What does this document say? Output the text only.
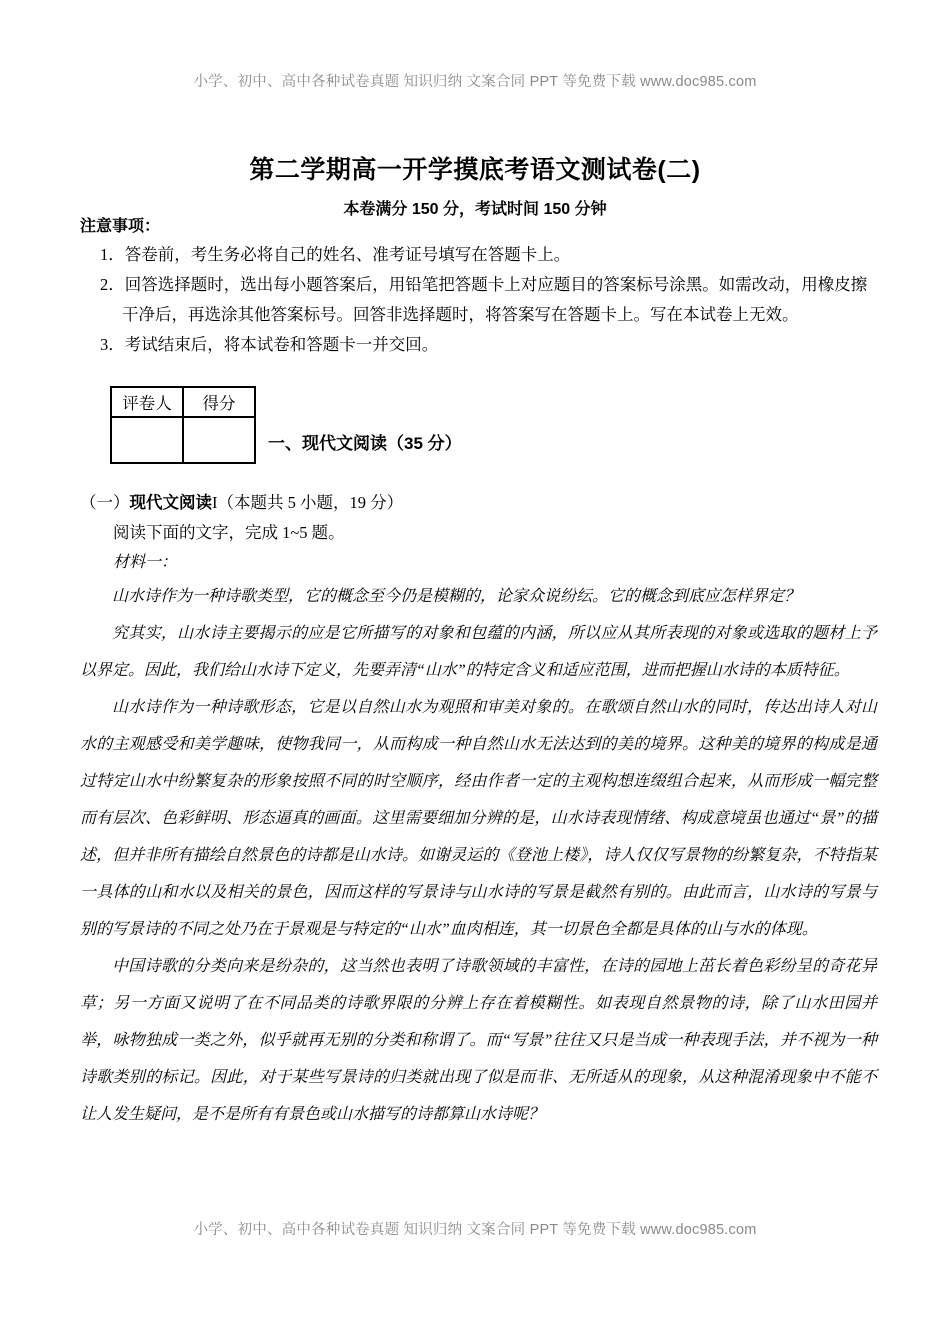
小学、初中、高中各种试卷真题 知识归纳 文案合同 PPT 等免费下载 www.doc985.com
第二学期高一开学摸底考语文测试卷(二)
本卷满分 150 分，考试时间 150 分钟
注意事项：
1．答卷前，考生务必将自己的姓名、准考证号填写在答题卡上。
2．回答选择题时，选出每小题答案后，用铅笔把答题卡上对应题目的答案标号涂黑。如需改动，用橡皮擦干净后，再选涂其他答案标号。回答非选择题时，将答案写在答题卡上。写在本试卷上无效。
3．考试结束后，将本试卷和答题卡一并交回。
评卷人	得分

一、现代文阅读（35 分）
（一）现代文阅读I（本题共 5 小题，19 分）
阅读下面的文字，完成 1~5 题。
材料一：

山水诗作为一种诗歌类型，它的概念至今仍是模糊的，论家众说纷纭。它的概念到底应怎样界定？

究其实，山水诗主要揭示的应是它所描写的对象和包蕴的内涵，所以应从其所表现的对象或选取的题材上予以界定。因此，我们给山水诗下定义，先要弄清“山水”的特定含义和适应范围，进而把握山水诗的本质特征。

山水诗作为一种诗歌形态，它是以自然山水为观照和审美对象的。在歌颂自然山水的同时，传达出诗人对山水的主观感受和美学趣味，使物我同一，从而构成一种自然山水无法达到的美的境界。这种美的境界的构成是通过特定山水中纷繁复杂的形象按照不同的时空顺序，经由作者一定的主观构想连缀组合起来，从而形成一幅完整而有层次、色彩鲜明、形态逼真的画面。这里需要细加分辨的是，山水诗表现情绪、构成意境虽也通过“景”的描述，但并非所有描绘自然景色的诗都是山水诗。如谢灵运的《登池上楼》，诗人仅仅写景物的纷繁复杂，不特指某一具体的山和水以及相关的景色，因而这样的写景诗与山水诗的写景是截然有别的。由此而言，山水诗的写景与别的写景诗的不同之处乃在于景观是与特定的“山水”血肉相连，其一切景色全都是具体的山与水的体现。

中国诗歌的分类向来是纷杂的，这当然也表明了诗歌领域的丰富性，在诗的园地上茁长着色彩纷呈的奇花异草；另一方面又说明了在不同品类的诗歌界限的分辨上存在着模糊性。如表现自然景物的诗，除了山水田园并举，咏物独成一类之外，似乎就再无别的分类和称谓了。而“写景”往往又只是当成一种表现手法，并不视为一种诗歌类别的标记。因此，对于某些写景诗的归类就出现了似是而非、无所适从的现象，从这种混淆现象中不能不让人发生疑问，是不是所有有景色或山水描写的诗都算山水诗呢？

小学、初中、高中各种试卷真题 知识归纳 文案合同 PPT 等免费下载 www.doc985.com
